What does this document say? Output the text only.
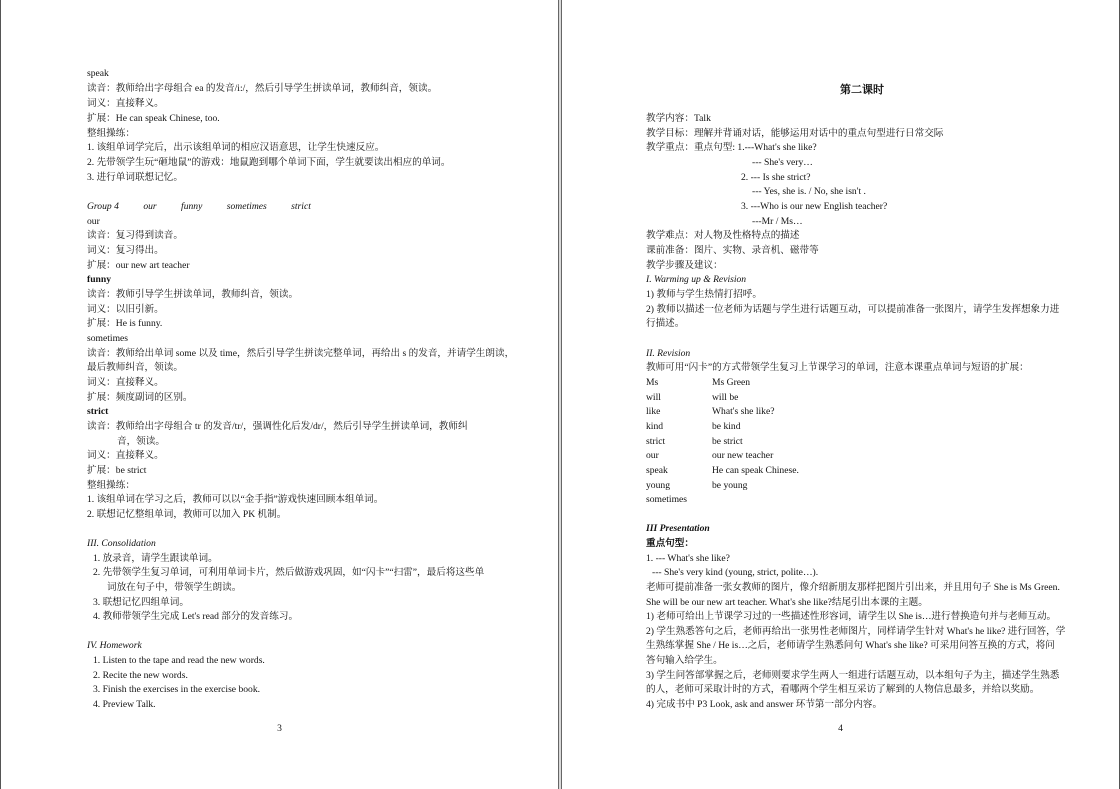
speak
读音：教师给出字母组合 ea 的发音/i:/，然后引导学生拼读单词，教师纠音，领读。
词义：直接释义。
扩展：He can speak Chinese, too.
整组操练：
1. 该组单词学完后，出示该组单词的相应汉语意思，让学生快速反应。
2. 先带领学生玩“砸地鼠”的游戏：地鼠跑到哪个单词下面，学生就要读出相应的单词。
3. 进行单词联想记忆。
Group 4	our	funny	sometimes	strict
our
读音：复习得到读音。
词义：复习得出。
扩展：our new art teacher
funny
读音：教师引导学生拼读单词，教师纠音，领读。
词义：以旧引新。
扩展：He is funny.
sometimes
读音：教师给出单词 some 以及 time，然后引导学生拼读完整单词，再给出 s 的发音，并请学生朗读，
最后教师纠音，领读。
词义：直接释义。
扩展：频度副词的区别。
strict
读音：教师给出字母组合 tr 的发音/tr/，强调性化后发/dr/，然后引导学生拼读单词，教师纠
音，领读。
词义：直接释义。
扩展：be strict
整组操练：
1. 该组单词在学习之后，教师可以以“金手指”游戏快速回顾本组单词。
2. 联想记忆整组单词，教师可以加入 PK 机制。
III. Consolidation
1. 放录音，请学生跟读单词。
2. 先带领学生复习单词，可利用单词卡片，然后做游戏巩固，如“闪卡”“扫雷”，最后将这些单
词放在句子中，带领学生朗读。
3. 联想记忆四组单词。
4. 教师带领学生完成 Let's read 部分的发音练习。
IV. Homework
1. Listen to the tape and read the new words.
2. Recite the new words.
3. Finish the exercises in the exercise book.
4. Preview Talk.
3
第二课时
教学内容：Talk
教学目标：理解并背诵对话，能够运用对话中的重点句型进行日常交际
教学重点：重点句型: 1.---What's she like?
--- She's very…
2. --- Is she strict?
--- Yes, she is. / No, she isn't .
3. ---Who is our new English teacher?
---Mr / Ms…
教学难点：对人物及性格特点的描述
课前准备：图片、实物、录音机、磁带等
教学步骤及建议：
I. Warming up & Revision
1) 教师与学生热情打招呼。
2) 教师以描述一位老师为话题与学生进行话题互动，可以提前准备一张图片，请学生发挥想象力进
行描述。
II. Revision
教师可用“闪卡”的方式带领学生复习上节课学习的单词，注意本课重点单词与短语的扩展：
Ms	Ms Green
will	will be
like	What's she like?
kind	be kind
strict	be strict
our	our new teacher
speak	He can speak Chinese.
young	be young
sometimes
III Presentation
重点句型：
1. --- What's she like?
--- She's very kind (young, strict, polite…).
老师可提前准备一张女教师的图片，像介绍新朋友那样把图片引出来，并且用句子 She is Ms Green.
She will be our new art teacher. What's she like?结尾引出本课的主题。
1) 老师可给出上节课学习过的一些描述性形容词，请学生以 She is…进行替换造句并与老师互动。
2) 学生熟悉答句之后，老师再给出一张男性老师图片，同样请学生针对 What's he like? 进行回答，学
生熟练掌握 She / He is…之后，老师请学生熟悉问句 What's she like? 可采用问答互换的方式，将问
答句输入给学生。
3) 学生问答部掌握之后，老师则要求学生两人一组进行话题互动，以本组句子为主，描述学生熟悉
的人，老师可采取计时的方式，看哪两个学生相互采访了解到的人物信息最多，并给以奖励。
4) 完成书中 P3 Look, ask and answer 环节第一部分内容。
4
